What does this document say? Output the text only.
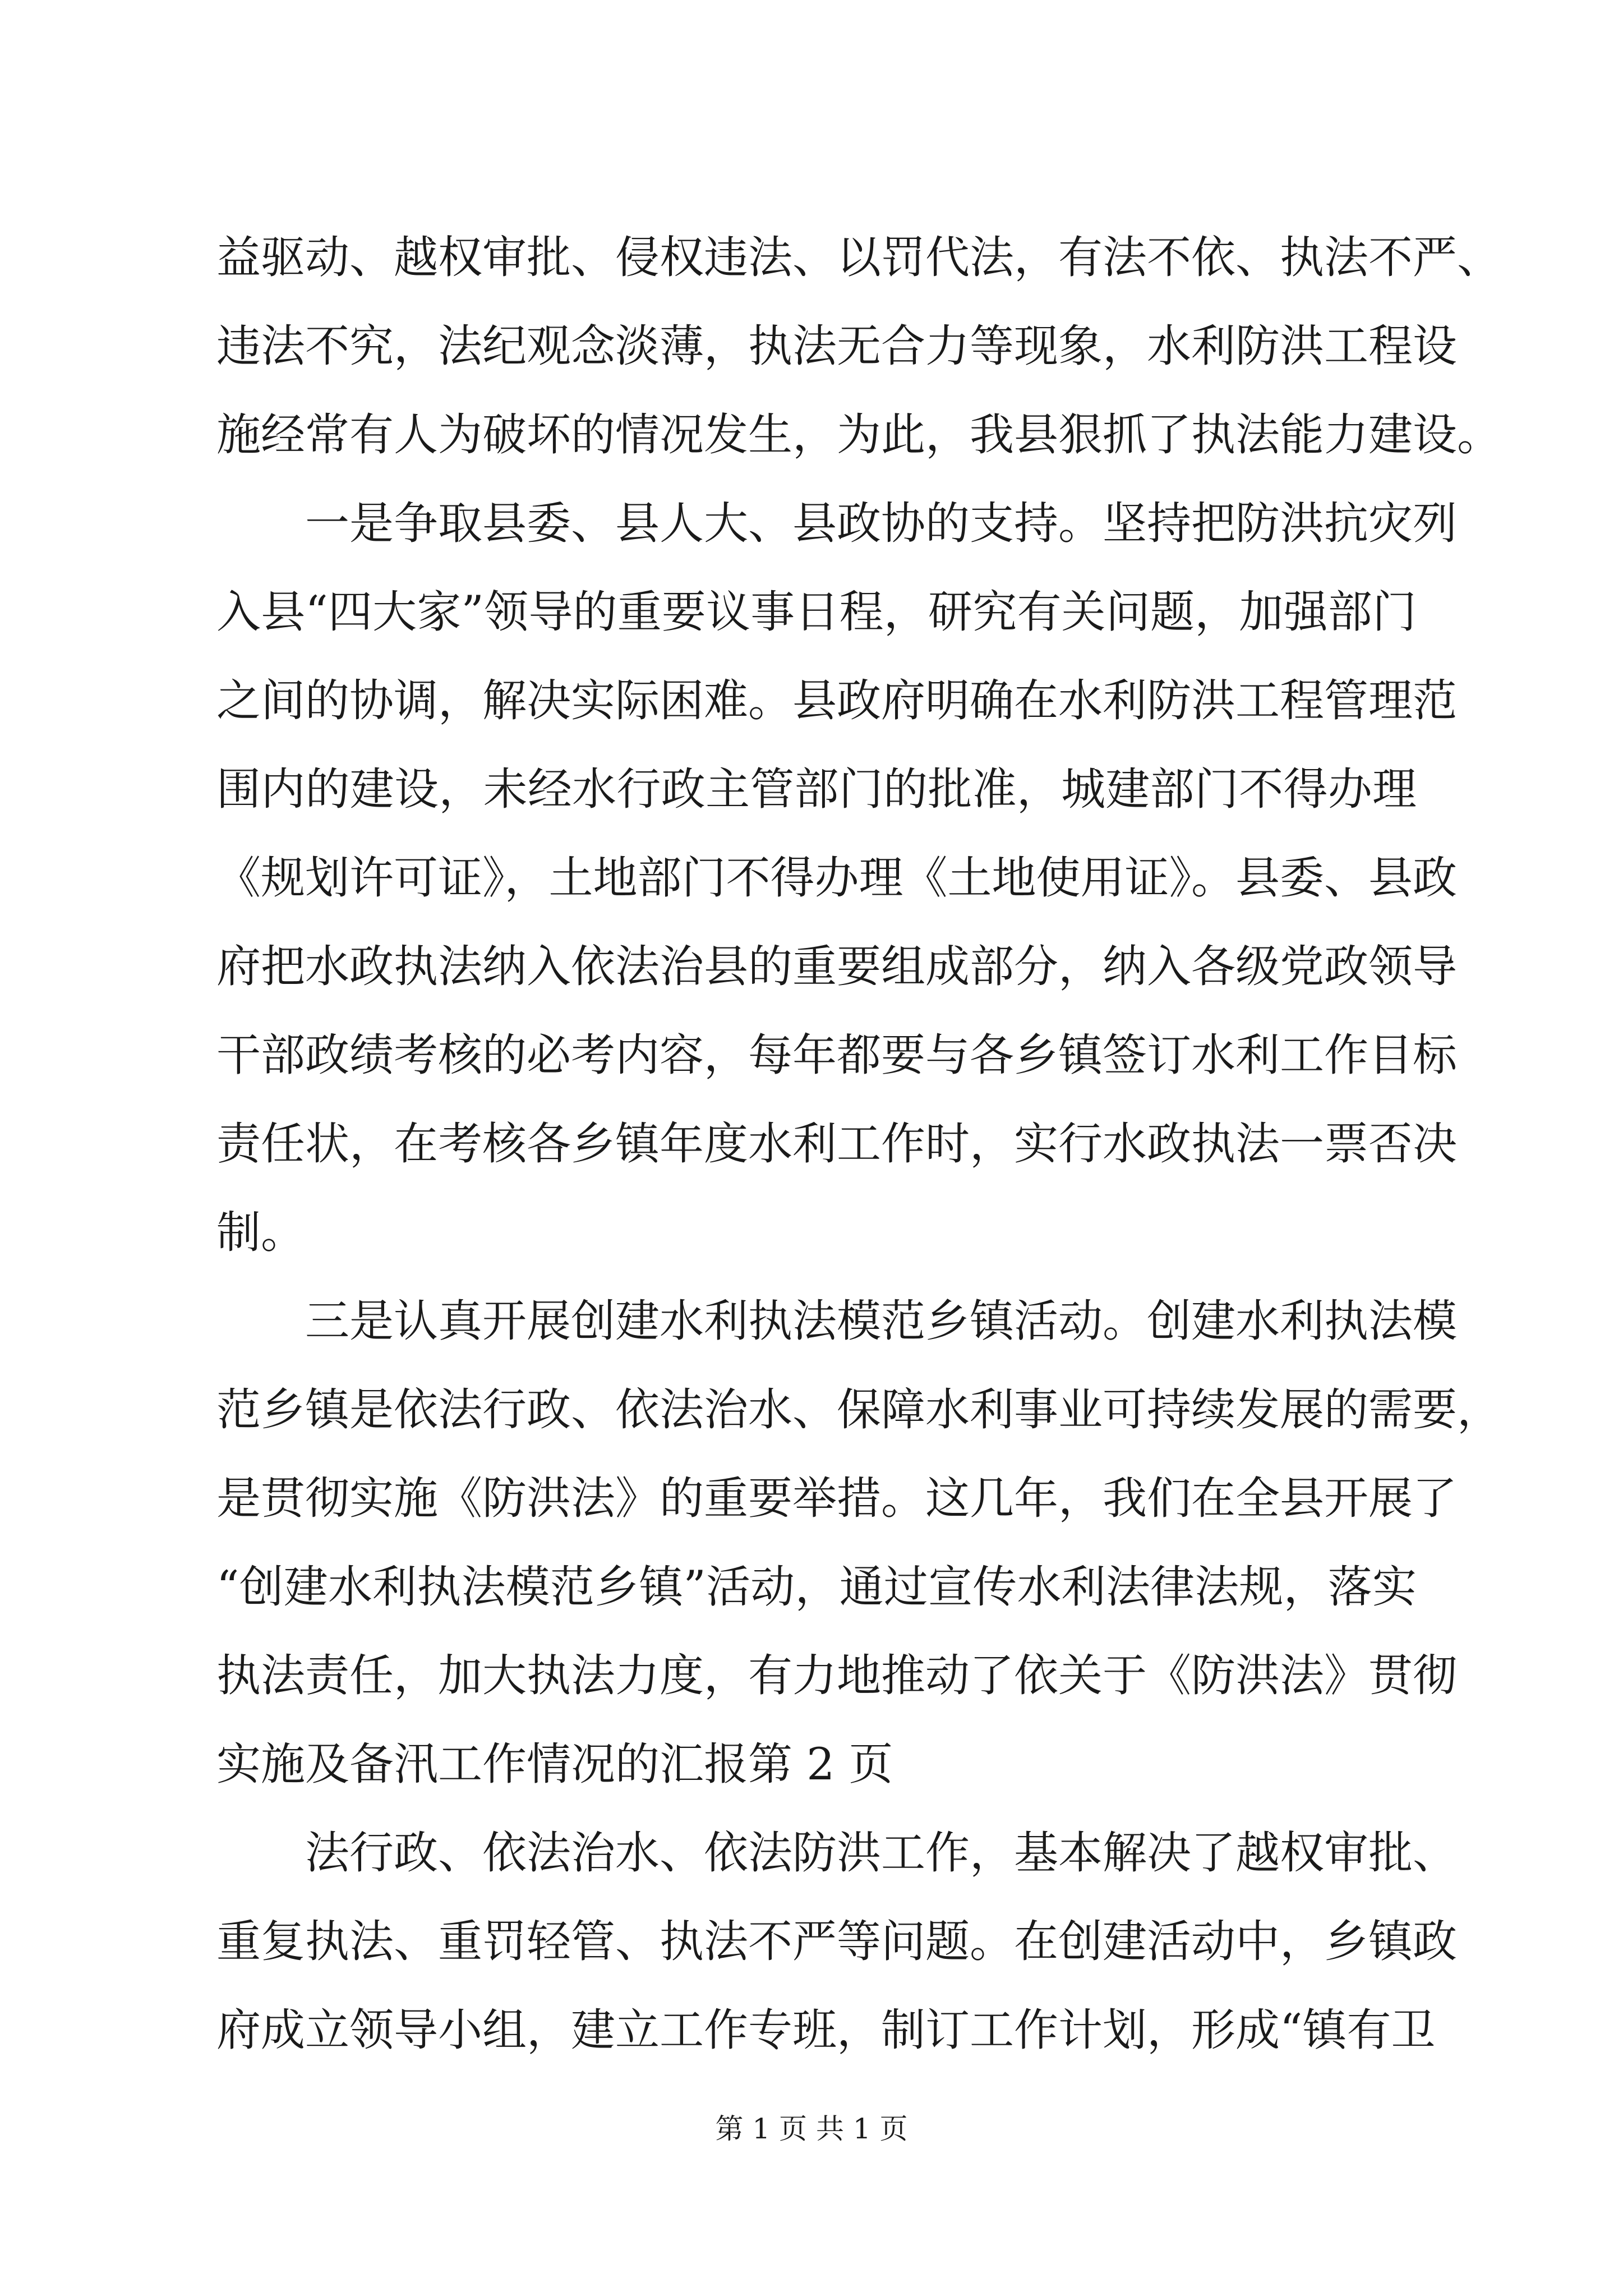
益驱动、越权审批、侵权违法、以罚代法，有法不依、执法不严、
违法不究，法纪观念淡薄，执法无合力等现象，水利防洪工程设
施经常有人为破坏的情况发生，为此，我县狠抓了执法能力建设。
一是争取县委、县人大、县政协的支持。坚持把防洪抗灾列
入县“四大家”领导的重要议事日程，研究有关问题，加强部门
之间的协调，解决实际困难。县政府明确在水利防洪工程管理范
围内的建设，未经水行政主管部门的批准，城建部门不得办理
《规划许可证》，土地部门不得办理《土地使用证》。县委、县政
府把水政执法纳入依法治县的重要组成部分，纳入各级党政领导
干部政绩考核的必考内容，每年都要与各乡镇签订水利工作目标
责任状，在考核各乡镇年度水利工作时，实行水政执法一票否决
制。
三是认真开展创建水利执法模范乡镇活动。创建水利执法模
范乡镇是依法行政、依法治水、保障水利事业可持续发展的需要，
是贯彻实施《防洪法》的重要举措。这几年，我们在全县开展了
“创建水利执法模范乡镇”活动，通过宣传水利法律法规，落实
执法责任，加大执法力度，有力地推动了依关于《防洪法》贯彻
实施及备汛工作情况的汇报第 2 页
法行政、依法治水、依法防洪工作，基本解决了越权审批、
重复执法、重罚轻管、执法不严等问题。在创建活动中，乡镇政
府成立领导小组，建立工作专班，制订工作计划，形成“镇有卫
第 1 页 共 1 页
